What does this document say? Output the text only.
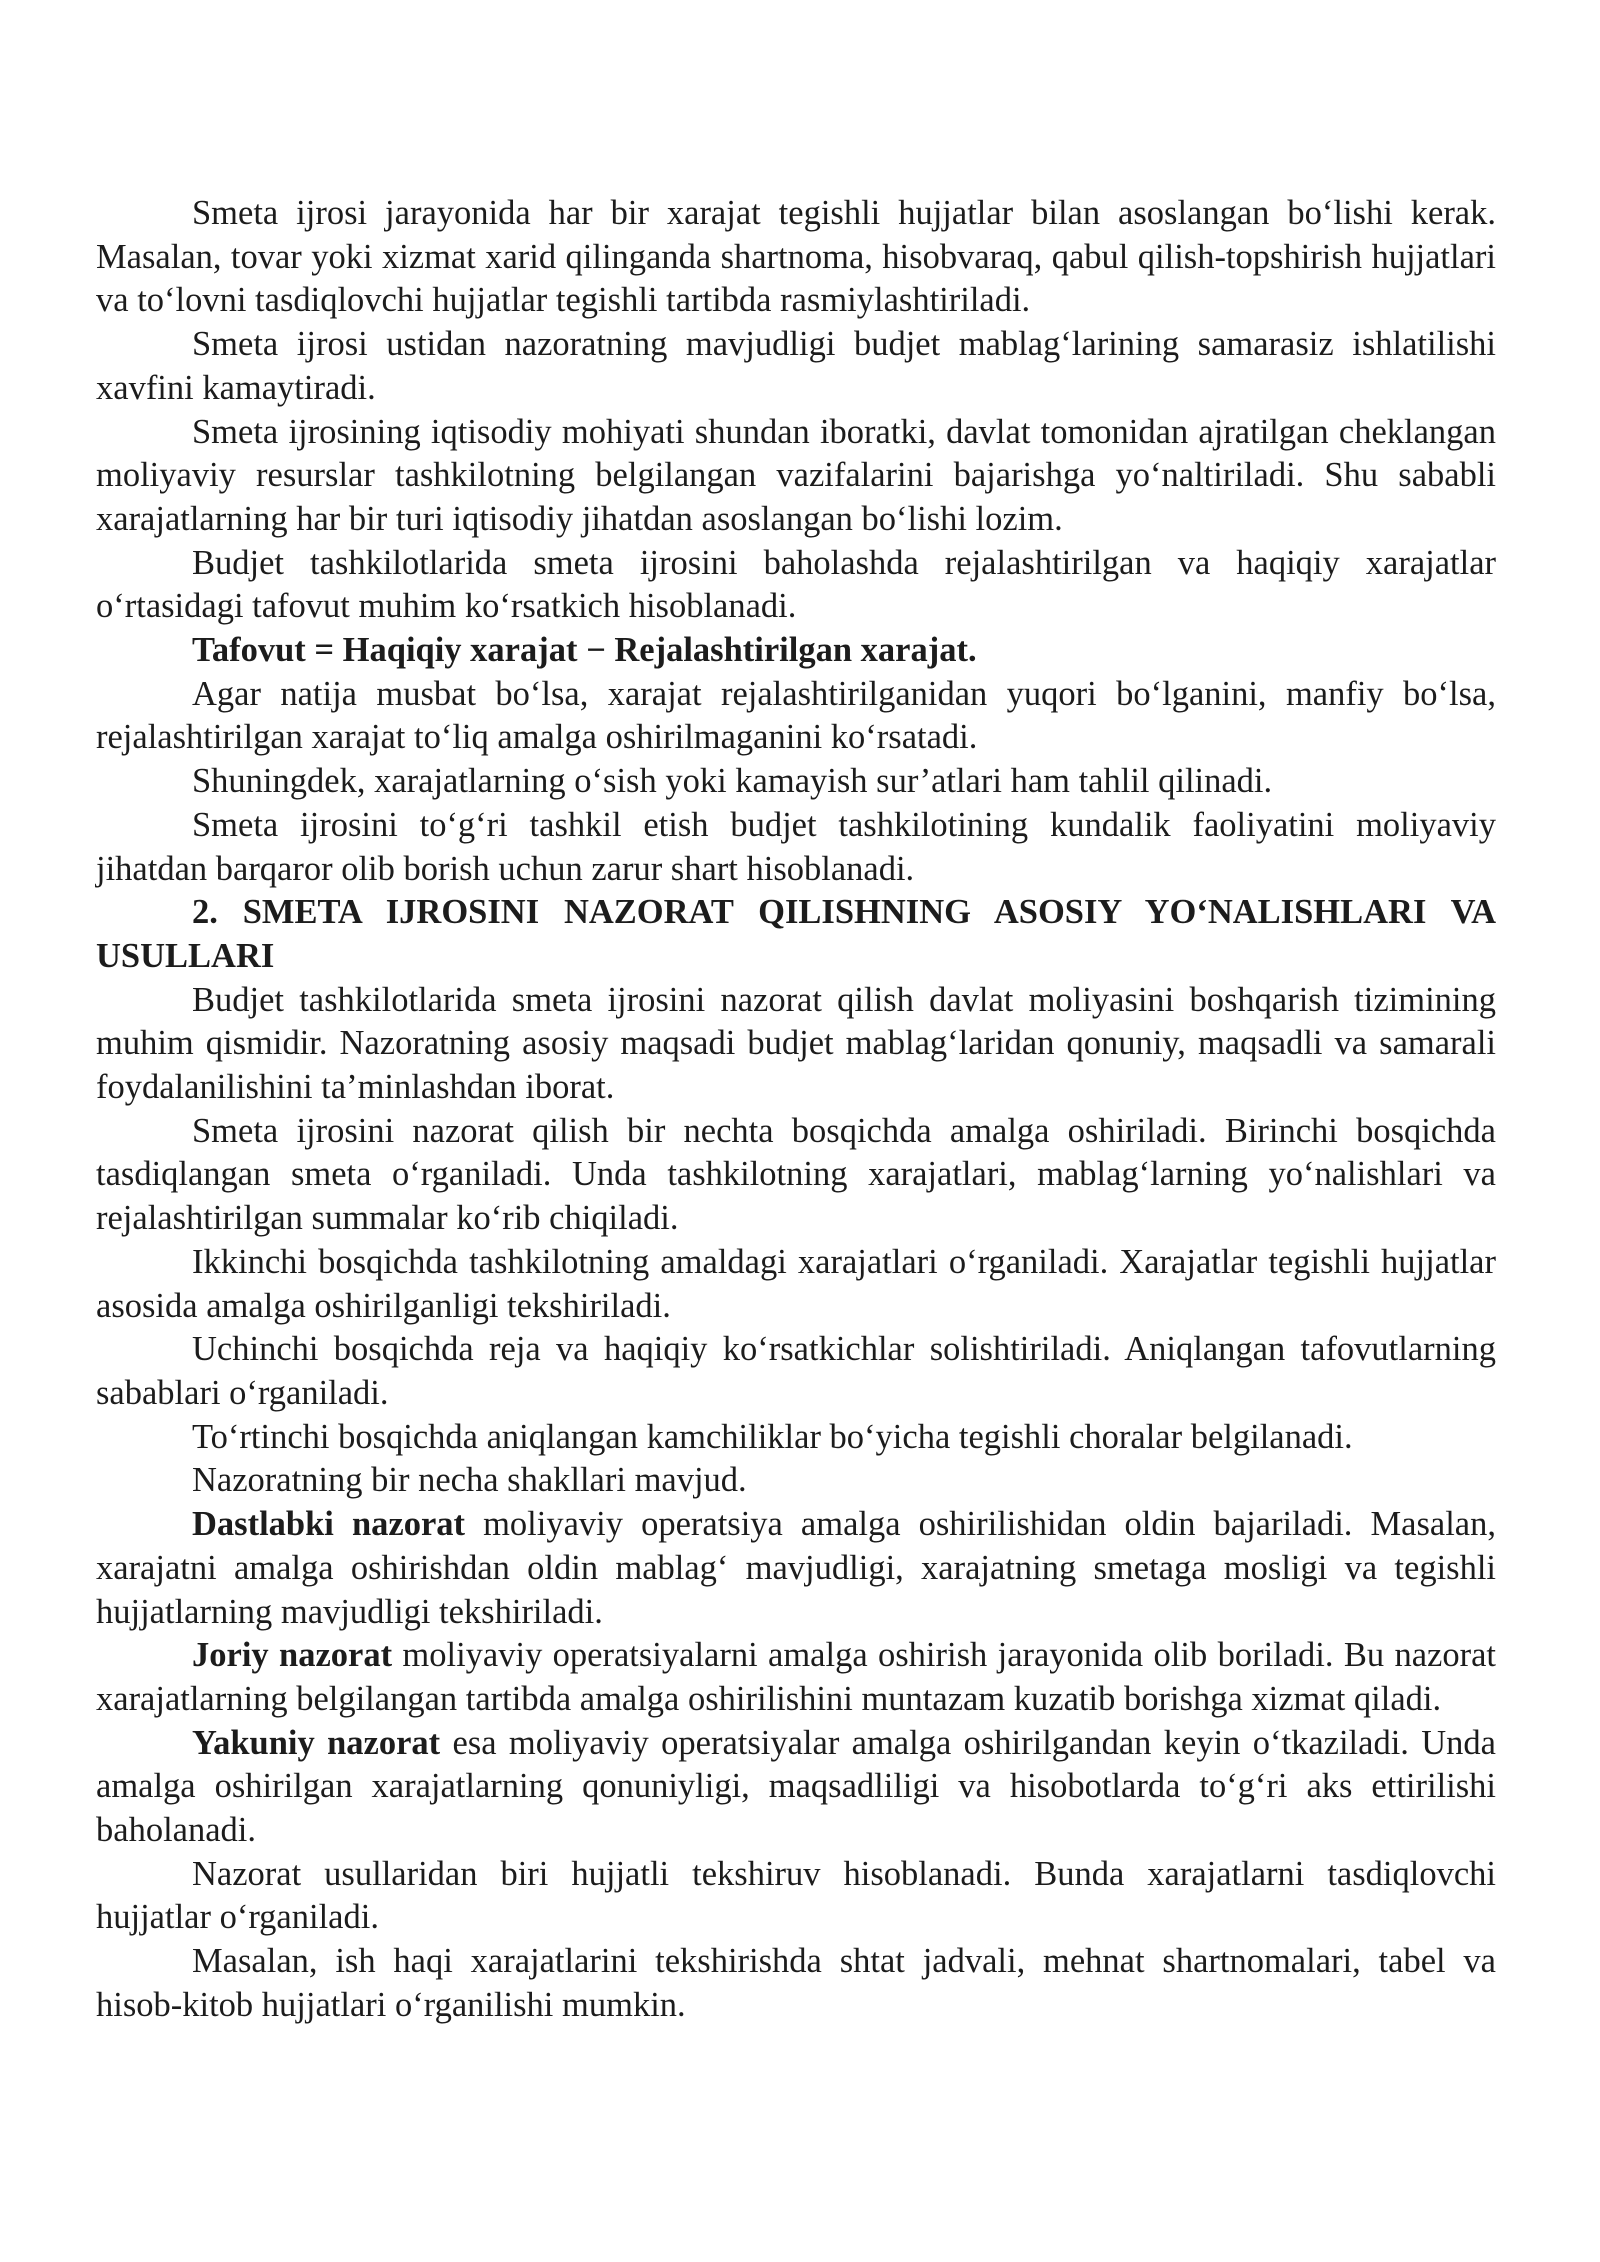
Smeta ijrosi jarayonida har bir xarajat tegishli hujjatlar bilan asoslangan bo‘lishi kerak. Masalan, tovar yoki xizmat xarid qilinganda shartnoma, hisobvaraq, qabul qilish-topshirish hujjatlari va to‘lovni tasdiqlovchi hujjatlar tegishli tartibda rasmiylashtiriladi.

Smeta ijrosi ustidan nazoratning mavjudligi budjet mablag‘larining samarasiz ishlatilishi xavfini kamaytiradi.

Smeta ijrosining iqtisodiy mohiyati shundan iboratki, davlat tomonidan ajratilgan cheklangan moliyaviy resurslar tashkilotning belgilangan vazifalarini bajarishga yo‘naltiriladi. Shu sababli xarajatlarning har bir turi iqtisodiy jihatdan asoslangan bo‘lishi lozim.

Budjet tashkilotlarida smeta ijrosini baholashda rejalashtirilgan va haqiqiy xarajatlar o‘rtasidagi tafovut muhim ko‘rsatkich hisoblanadi.

Tafovut = Haqiqiy xarajat − Rejalashtirilgan xarajat.

Agar natija musbat bo‘lsa, xarajat rejalashtirilganidan yuqori bo‘lganini, manfiy bo‘lsa, rejalashtirilgan xarajat to‘liq amalga oshirilmaganini ko‘rsatadi.

Shuningdek, xarajatlarning o‘sish yoki kamayish sur’atlari ham tahlil qilinadi.

Smeta ijrosini to‘g‘ri tashkil etish budjet tashkilotining kundalik faoliyatini moliyaviy jihatdan barqaror olib borish uchun zarur shart hisoblanadi.

2. SMETA IJROSINI NAZORAT QILISHNING ASOSIY YO‘NALISHLARI VA USULLARI

Budjet tashkilotlarida smeta ijrosini nazorat qilish davlat moliyasini boshqarish tizimining muhim qismidir. Nazoratning asosiy maqsadi budjet mablag‘laridan qonuniy, maqsadli va samarali foydalanilishini ta’minlashdan iborat.

Smeta ijrosini nazorat qilish bir nechta bosqichda amalga oshiriladi. Birinchi bosqichda tasdiqlangan smeta o‘rganiladi. Unda tashkilotning xarajatlari, mablag‘larning yo‘nalishlari va rejalashtirilgan summalar ko‘rib chiqiladi.

Ikkinchi bosqichda tashkilotning amaldagi xarajatlari o‘rganiladi. Xarajatlar tegishli hujjatlar asosida amalga oshirilganligi tekshiriladi.

Uchinchi bosqichda reja va haqiqiy ko‘rsatkichlar solishtiriladi. Aniqlangan tafovutlarning sabablari o‘rganiladi.

To‘rtinchi bosqichda aniqlangan kamchiliklar bo‘yicha tegishli choralar belgilanadi.

Nazoratning bir necha shakllari mavjud.

Dastlabki nazorat moliyaviy operatsiya amalga oshirilishidan oldin bajariladi. Masalan, xarajatni amalga oshirishdan oldin mablag‘ mavjudligi, xarajatning smetaga mosligi va tegishli hujjatlarning mavjudligi tekshiriladi.

Joriy nazorat moliyaviy operatsiyalarni amalga oshirish jarayonida olib boriladi. Bu nazorat xarajatlarning belgilangan tartibda amalga oshirilishini muntazam kuzatib borishga xizmat qiladi.

Yakuniy nazorat esa moliyaviy operatsiyalar amalga oshirilgandan keyin o‘tkaziladi. Unda amalga oshirilgan xarajatlarning qonuniyligi, maqsadliligi va hisobotlarda to‘g‘ri aks ettirilishi baholanadi.

Nazorat usullaridan biri hujjatli tekshiruv hisoblanadi. Bunda xarajatlarni tasdiqlovchi hujjatlar o‘rganiladi.

Masalan, ish haqi xarajatlarini tekshirishda shtat jadvali, mehnat shartnomalari, tabel va hisob-kitob hujjatlari o‘rganilishi mumkin.
